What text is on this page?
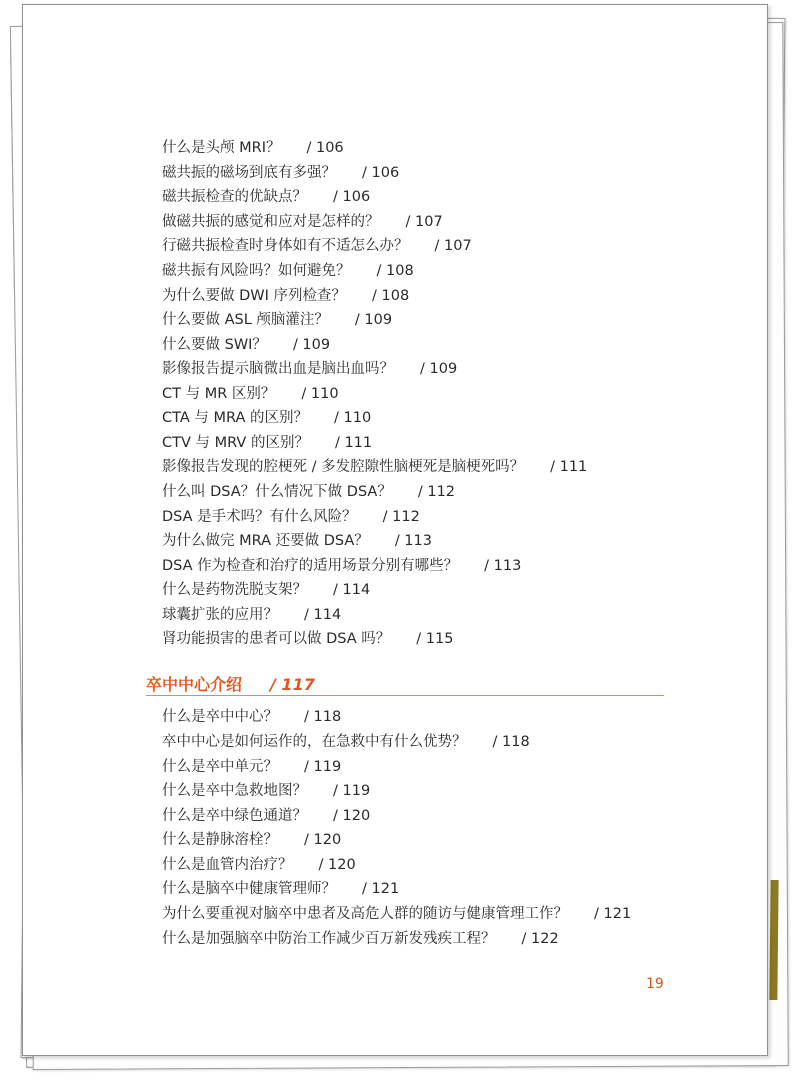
什么是头颅 MRI？ / 106
磁共振的磁场到底有多强？ / 106
磁共振检查的优缺点？ / 106
做磁共振的感觉和应对是怎样的？ / 107
行磁共振检查时身体如有不适怎么办？ / 107
磁共振有风险吗？如何避免？ / 108
为什么要做 DWI 序列检查？ / 108
什么要做 ASL 颅脑灌注？ / 109
什么要做 SWI？ / 109
影像报告提示脑微出血是脑出血吗？ / 109
CT 与 MR 区别？ / 110
CTA 与 MRA 的区别？ / 110
CTV 与 MRV 的区别？ / 111
影像报告发现的腔梗死 / 多发腔隙性脑梗死是脑梗死吗？ / 111
什么叫 DSA？什么情况下做 DSA？ / 112
DSA 是手术吗？有什么风险？ / 112
为什么做完 MRA 还要做 DSA？ / 113
DSA 作为检查和治疗的适用场景分别有哪些？ / 113
什么是药物洗脱支架？ / 114
球囊扩张的应用？ / 114
肾功能损害的患者可以做 DSA 吗？ / 115
卒中中心介绍 / 117
什么是卒中中心？ / 118
卒中中心是如何运作的，在急救中有什么优势？ / 118
什么是卒中单元？ / 119
什么是卒中急救地图？ / 119
什么是卒中绿色通道？ / 120
什么是静脉溶栓？ / 120
什么是血管内治疗？ / 120
什么是脑卒中健康管理师？ / 121
为什么要重视对脑卒中患者及高危人群的随访与健康管理工作？ / 121
什么是加强脑卒中防治工作减少百万新发残疾工程？ / 122
19
